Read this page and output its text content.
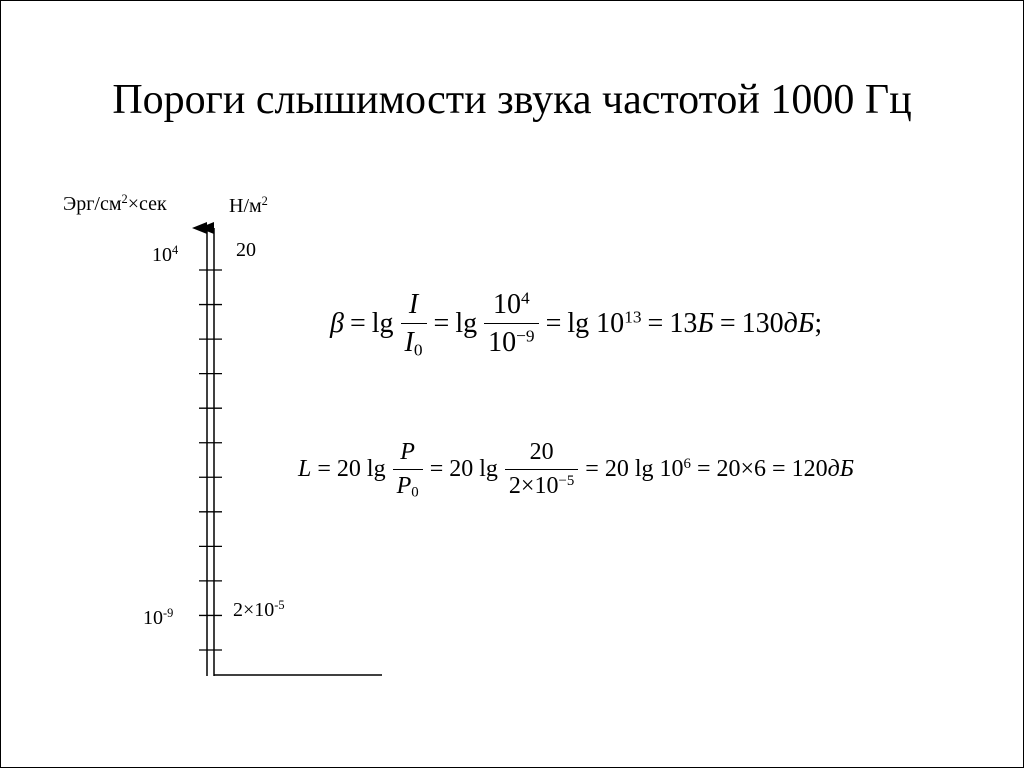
Пороги слышимости звука частотой 1000 Гц
Эрг/$см^2\times сек$	$Н/м^2$
$10^4$	20
$10^{-9}$	$2\times 10^{-5}$
$\beta = \lg \frac{I}{I_0} = \lg \frac{10^4}{10^{-9}} = \lg 10^{13} = 13Б = 130дБ$ ;
L = 20 $\lg \frac{P}{P_0} = 20$ $\lg \frac{20}{2\times 10^{-5}} = 20$ $\lg 10^6 = 20\times 6 = 120дБ$
